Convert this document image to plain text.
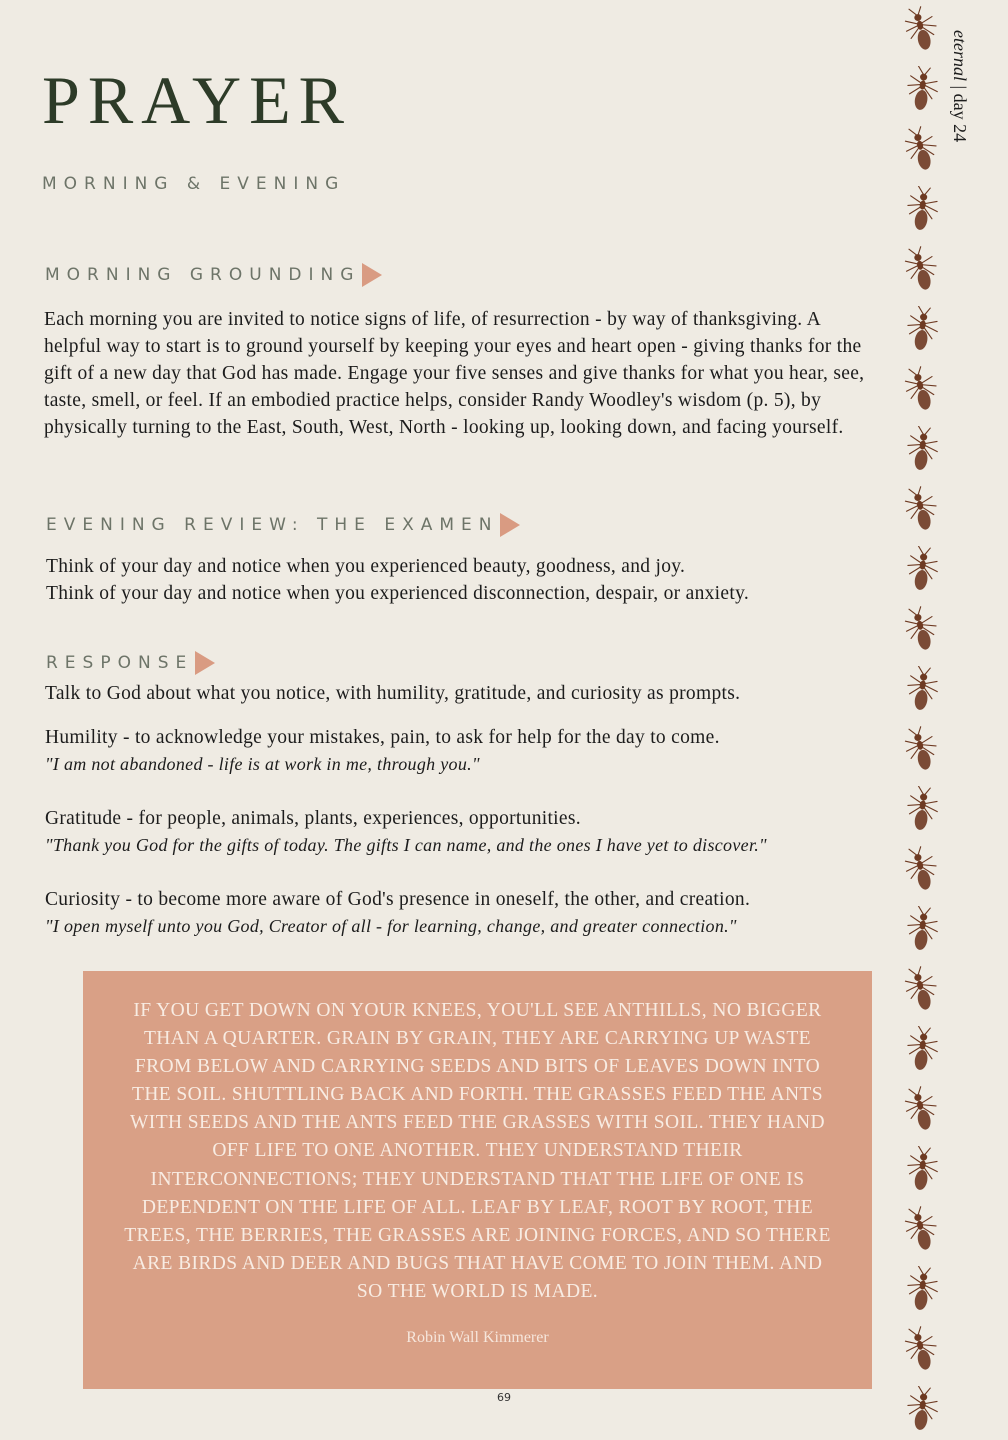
PRAYER
MORNING & EVENING
eternal | day 24
MORNING GROUNDING

Each morning you are invited to notice signs of life, of resurrection - by way of thanksgiving. A helpful way to start is to ground yourself by keeping your eyes and heart open - giving thanks for the gift of a new day that God has made. Engage your five senses and give thanks for what you hear, see, taste, smell, or feel. If an embodied practice helps, consider Randy Woodley's wisdom (p. 5), by physically turning to the East, South, West, North - looking up, looking down, and facing yourself.

EVENING REVIEW: THE EXAMEN

Think of your day and notice when you experienced beauty, goodness, and joy.

Think of your day and notice when you experienced disconnection, despair, or anxiety.

RESPONSE

Talk to God about what you notice, with humility, gratitude, and curiosity as prompts.

Humility - to acknowledge your mistakes, pain, to ask for help for the day to come.

"I am not abandoned - life is at work in me, through you."

Gratitude - for people, animals, plants, experiences, opportunities.

"Thank you God for the gifts of today. The gifts I can name, and the ones I have yet to discover."

Curiosity - to become more aware of God's presence in oneself, the other, and creation.

"I open myself unto you God, Creator of all - for learning, change, and greater connection."
IF YOU GET DOWN ON YOUR KNEES, YOU'LL SEE ANTHILLS, NO BIGGER THAN A QUARTER. GRAIN BY GRAIN, THEY ARE CARRYING UP WASTE FROM BELOW AND CARRYING SEEDS AND BITS OF LEAVES DOWN INTO THE SOIL. SHUTTLING BACK AND FORTH. THE GRASSES FEED THE ANTS WITH SEEDS AND THE ANTS FEED THE GRASSES WITH SOIL. THEY HAND OFF LIFE TO ONE ANOTHER. THEY UNDERSTAND THEIR INTERCONNECTIONS; THEY UNDERSTAND THAT THE LIFE OF ONE IS DEPENDENT ON THE LIFE OF ALL. LEAF BY LEAF, ROOT BY ROOT, THE TREES, THE BERRIES, THE GRASSES ARE JOINING FORCES, AND SO THERE ARE BIRDS AND DEER AND BUGS THAT HAVE COME TO JOIN THEM. AND SO THE WORLD IS MADE.
Robin Wall Kimmerer
69
